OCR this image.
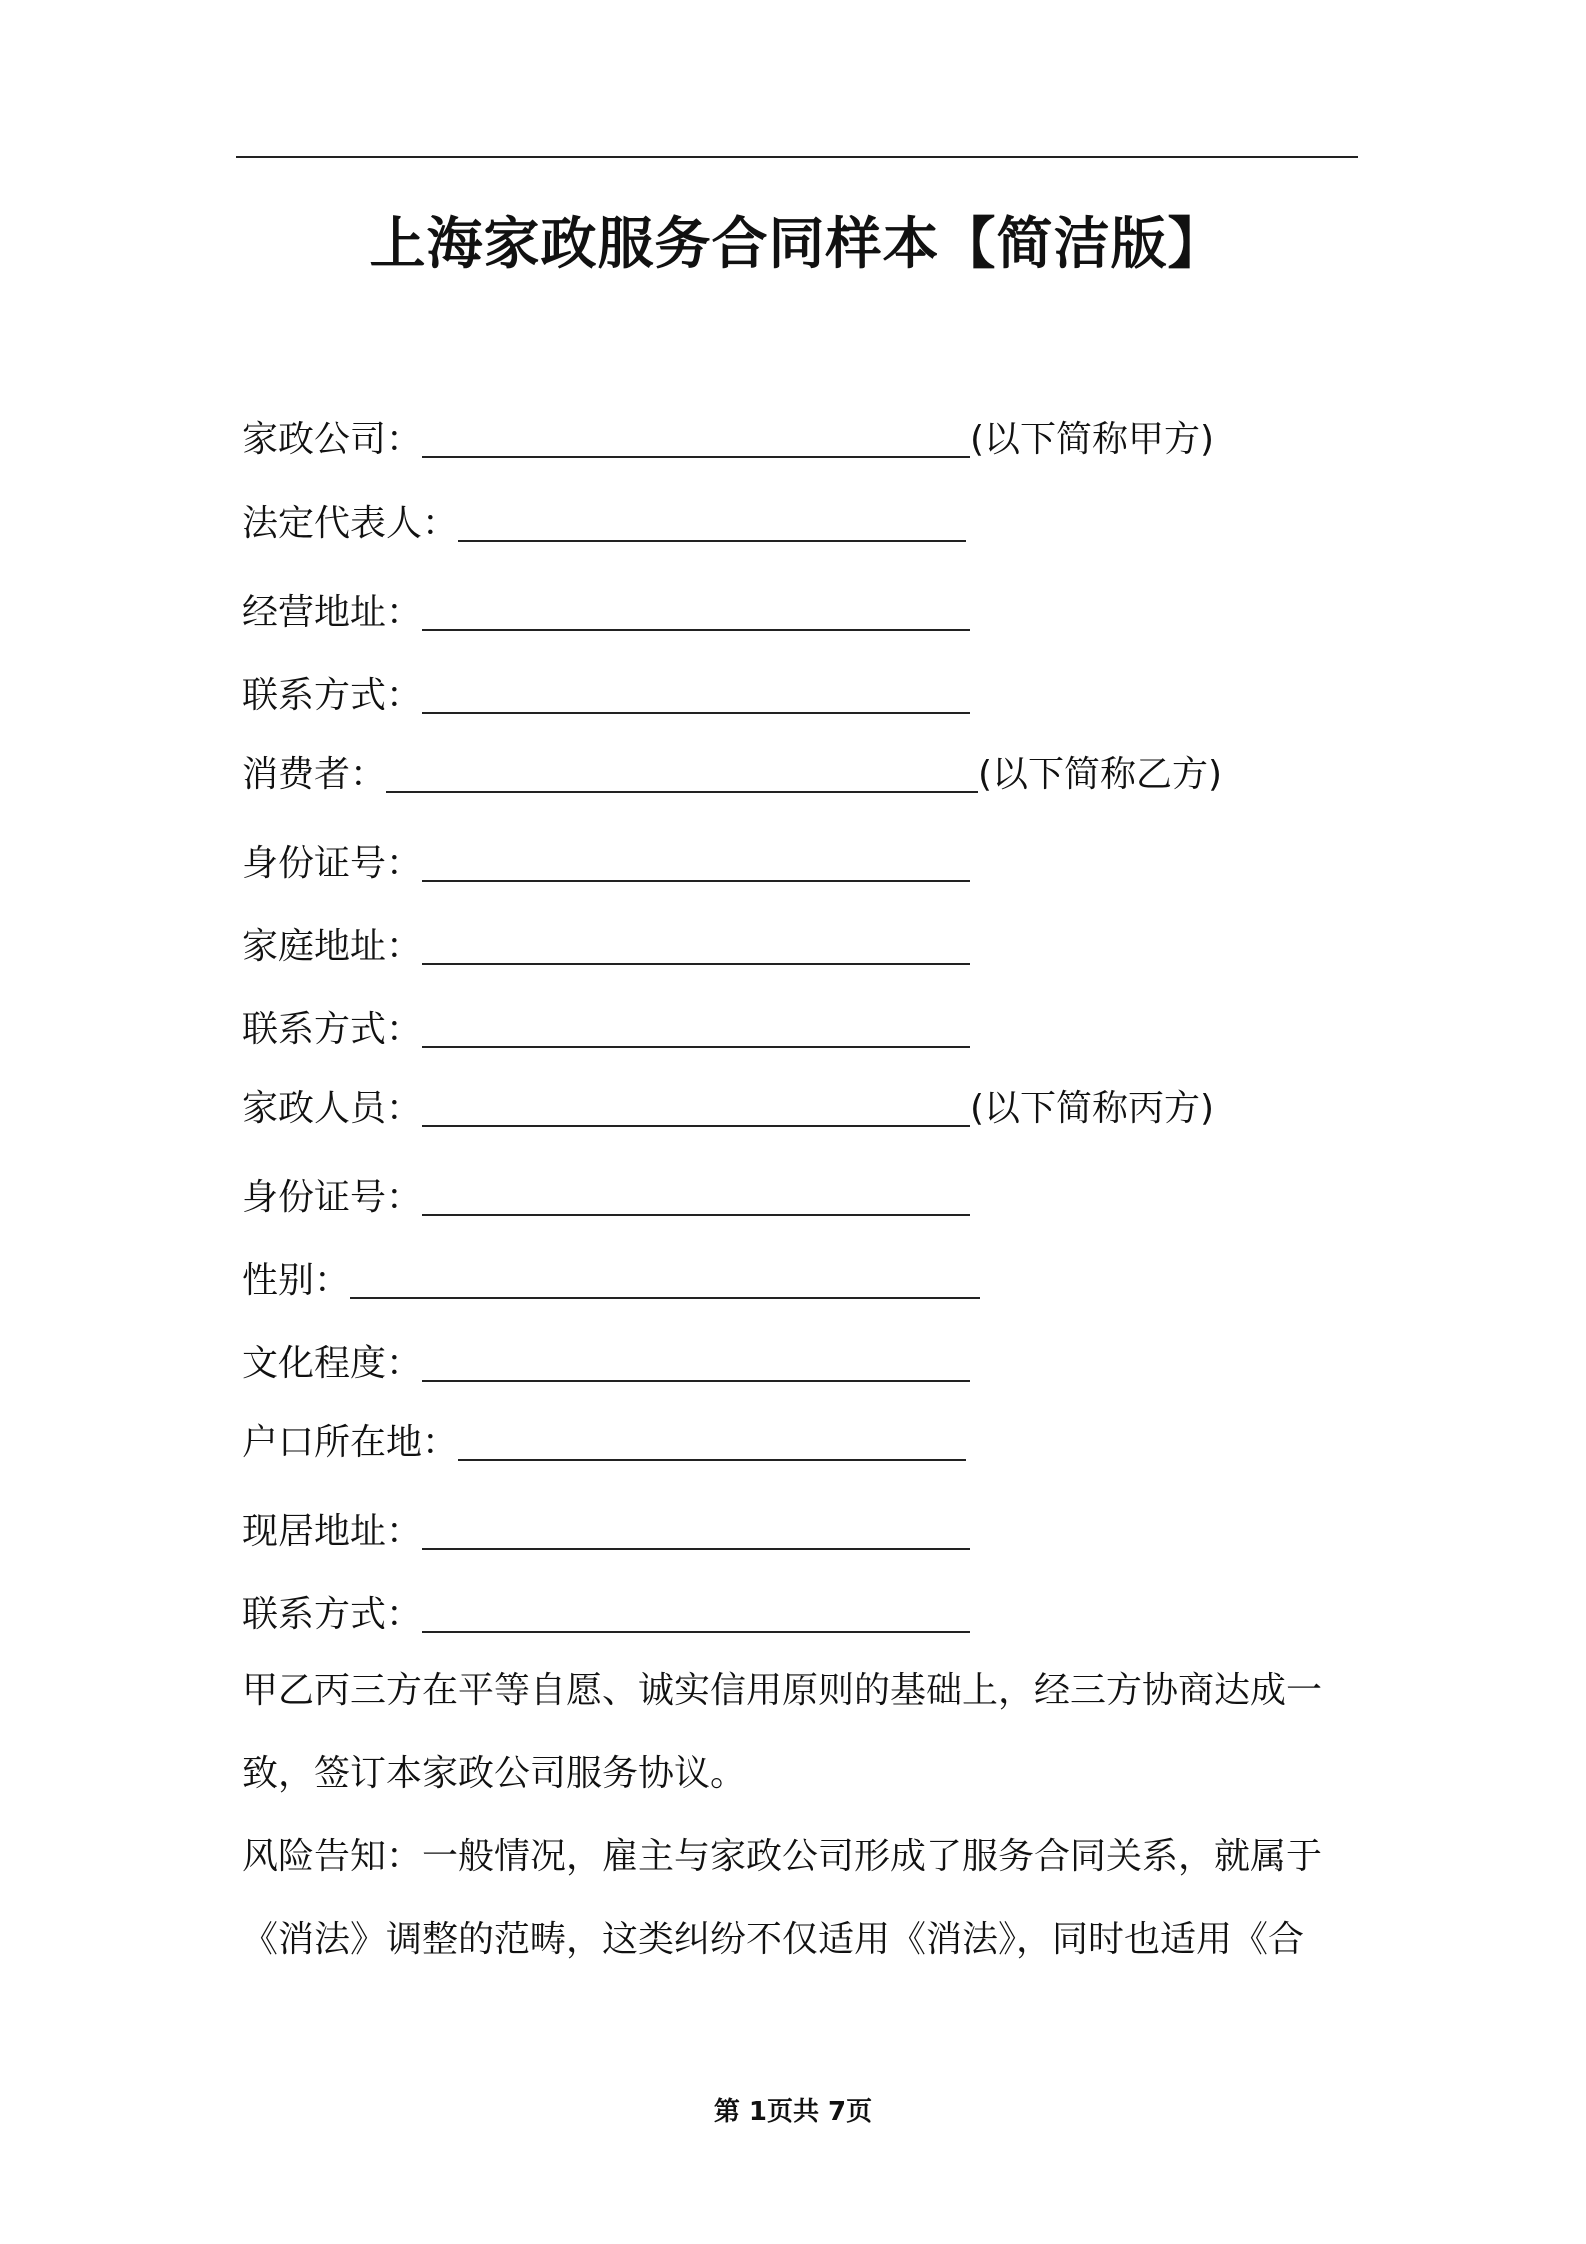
上海家政服务合同样本【简洁版】
家政公司：	(以下简称甲方)
法定代表人：
经营地址：
联系方式：
消费者：	(以下简称乙方)
身份证号：
家庭地址：
联系方式：
家政人员：	(以下简称丙方)
身份证号：
性别：
文化程度：
户口所在地：
现居地址：
联系方式：
甲乙丙三方在平等自愿、诚实信用原则的基础上，经三方协商达成一
致，签订本家政公司服务协议。
风险告知：一般情况，雇主与家政公司形成了服务合同关系，就属于
《消法》调整的范畴，这类纠纷不仅适用《消法》，同时也适用《合
第 1页共 7页
